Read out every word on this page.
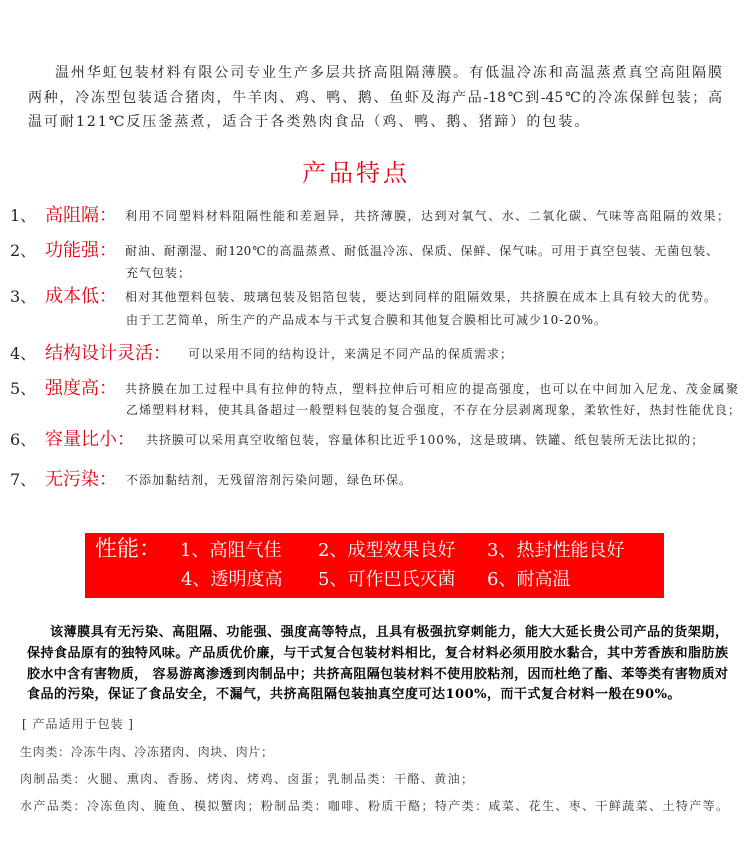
温州华虹包装材料有限公司专业生产多层共挤高阻隔薄膜。有低温冷冻和高温蒸煮真空高阻隔膜
两种，冷冻型包装适合猪肉，牛羊肉、鸡、鸭、鹅、鱼虾及海产品-18℃到-45℃的冷冻保鲜包装；高
温可耐121℃反压釜蒸煮，适合于各类熟肉食品（鸡、鸭、鹅、猪蹄）的包装。
产品特点
1、 高阻隔： 利用不同塑料材料阻隔性能和差迴异，共挤薄膜，达到对氧气、水、二氧化碳、气味等高阻隔的效果；
2、 功能强： 耐油、耐潮湿、耐120℃的高温蒸煮、耐低温冷冻、保质、保鲜、保气味。可用于真空包装、无菌包装、
充气包装；
3、 成本低： 相对其他塑料包装、玻璃包装及铝箔包装，要达到同样的阻隔效果，共挤膜在成本上具有较大的优势。
由于工艺简单，所生产的产品成本与干式复合膜和其他复合膜相比可减少10-20%。
4、 结构设计灵活： 可以采用不同的结构设计，来满足不同产品的保质需求；
5、 强度高： 共挤膜在加工过程中具有拉伸的特点，塑料拉伸后可相应的提高强度，也可以在中间加入尼龙、茂金属聚
乙烯塑料材料，使其具备超过一般塑料包装的复合强度，不存在分层剥离现象，柔软性好，热封性能优良；
6、 容量比小： 共挤膜可以采用真空收缩包装，容量体积比近乎100%，这是玻璃、铁罐、纸包装所无法比拟的；
7、 无污染： 不添加黏结剂，无残留溶剂污染问题，绿色环保。
性能： 1、高阻气佳 2、成型效果良好 3、热封性能良好
4、透明度高 5、可作巴氏灭菌 6、耐高温
该薄膜具有无污染、高阻隔、功能强、强度高等特点，且具有极强抗穿刺能力，能大大延长贵公司产品的货架期，
保持食品原有的独特风味。产品质优价廉，与干式复合包装材料相比，复合材料必须用胶水黏合，其中芳香族和脂肪族
胶水中含有害物质， 容易游离渗透到肉制品中；共挤高阻隔包装材料不使用胶粘剂，因而杜绝了酯、苯等类有害物质对
食品的污染，保证了食品安全，不漏气，共挤高阻隔包装抽真空度可达100%，而干式复合材料一般在90%。
[ 产品适用于包装 ]
生肉类：冷冻牛肉、冷冻猪肉、肉块、肉片；
肉制品类：火腿、熏肉、香肠、烤肉、烤鸡、卤蛋；乳制品类：干酪、黄油；
水产品类：冷冻鱼肉、腌鱼、模拟蟹肉；粉制品类：咖啡、粉质干酪；特产类：咸菜、花生、枣、干鲜蔬菜、土特产等。
